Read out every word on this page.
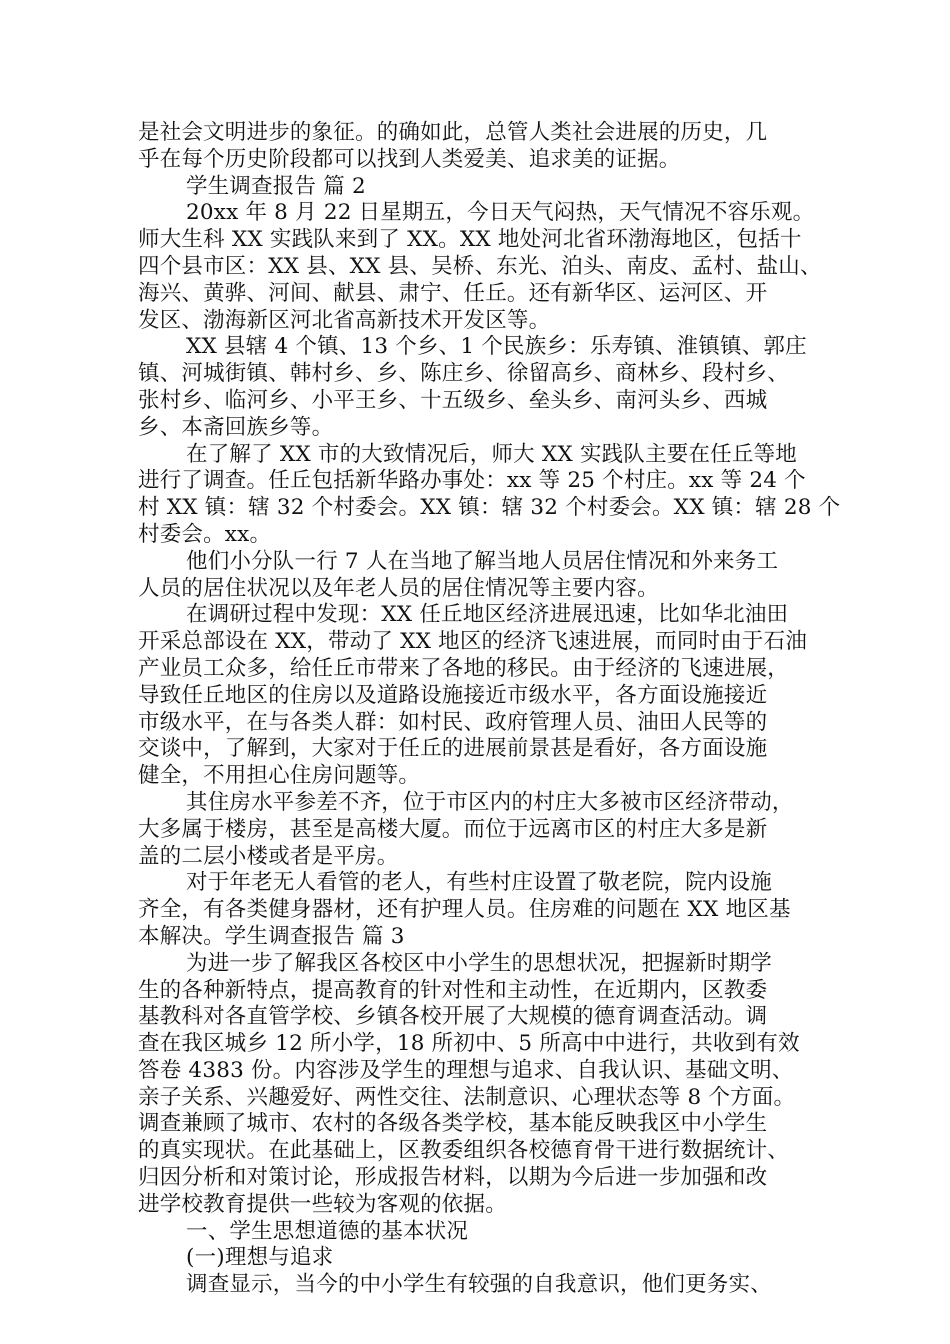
是社会文明进步的象征。的确如此，总管人类社会进展的历史，几
乎在每个历史阶段都可以找到人类爱美、追求美的证据。
学生调查报告 篇 2
20xx 年 8 月 22 日星期五，今日天气闷热，天气情况不容乐观。
师大生科 XX 实践队来到了 XX。XX 地处河北省环渤海地区，包括十
四个县市区：XX 县、XX 县、吴桥、东光、泊头、南皮、孟村、盐山、
海兴、黄骅、河间、献县、肃宁、任丘。还有新华区、运河区、开
发区、渤海新区河北省高新技术开发区等。
XX 县辖 4 个镇、13 个乡、1 个民族乡：乐寿镇、淮镇镇、郭庄
镇、河城街镇、韩村乡、乡、陈庄乡、徐留高乡、商林乡、段村乡、
张村乡、临河乡、小平王乡、十五级乡、垒头乡、南河头乡、西城
乡、本斋回族乡等。
在了解了 XX 市的大致情况后，师大 XX 实践队主要在任丘等地
进行了调查。任丘包括新华路办事处：xx 等 25 个村庄。xx 等 24 个
村 XX 镇：辖 32 个村委会。XX 镇：辖 32 个村委会。XX 镇：辖 28 个
村委会。xx。
他们小分队一行 7 人在当地了解当地人员居住情况和外来务工
人员的居住状况以及年老人员的居住情况等主要内容。
在调研过程中发现：XX 任丘地区经济进展迅速，比如华北油田
开采总部设在 XX，带动了 XX 地区的经济飞速进展，而同时由于石油
产业员工众多，给任丘市带来了各地的移民。由于经济的飞速进展，
导致任丘地区的住房以及道路设施接近市级水平，各方面设施接近
市级水平，在与各类人群：如村民、政府管理人员、油田人民等的
交谈中，了解到，大家对于任丘的进展前景甚是看好，各方面设施
健全，不用担心住房问题等。
其住房水平参差不齐，位于市区内的村庄大多被市区经济带动，
大多属于楼房，甚至是高楼大厦。而位于远离市区的村庄大多是新
盖的二层小楼或者是平房。
对于年老无人看管的老人，有些村庄设置了敬老院，院内设施
齐全，有各类健身器材，还有护理人员。住房难的问题在 XX 地区基
本解决。学生调查报告 篇 3
为进一步了解我区各校区中小学生的思想状况，把握新时期学
生的各种新特点，提高教育的针对性和主动性，在近期内，区教委
基教科对各直管学校、乡镇各校开展了大规模的德育调查活动。调
查在我区城乡 12 所小学，18 所初中、5 所高中中进行，共收到有效
答卷 4383 份。内容涉及学生的理想与追求、自我认识、基础文明、
亲子关系、兴趣爱好、两性交往、法制意识、心理状态等 8 个方面。
调查兼顾了城市、农村的各级各类学校，基本能反映我区中小学生
的真实现状。在此基础上，区教委组织各校德育骨干进行数据统计、
归因分析和对策讨论，形成报告材料，以期为今后进一步加强和改
进学校教育提供一些较为客观的依据。
一、学生思想道德的基本状况
(一)理想与追求
调查显示，当今的中小学生有较强的自我意识，他们更务实、
